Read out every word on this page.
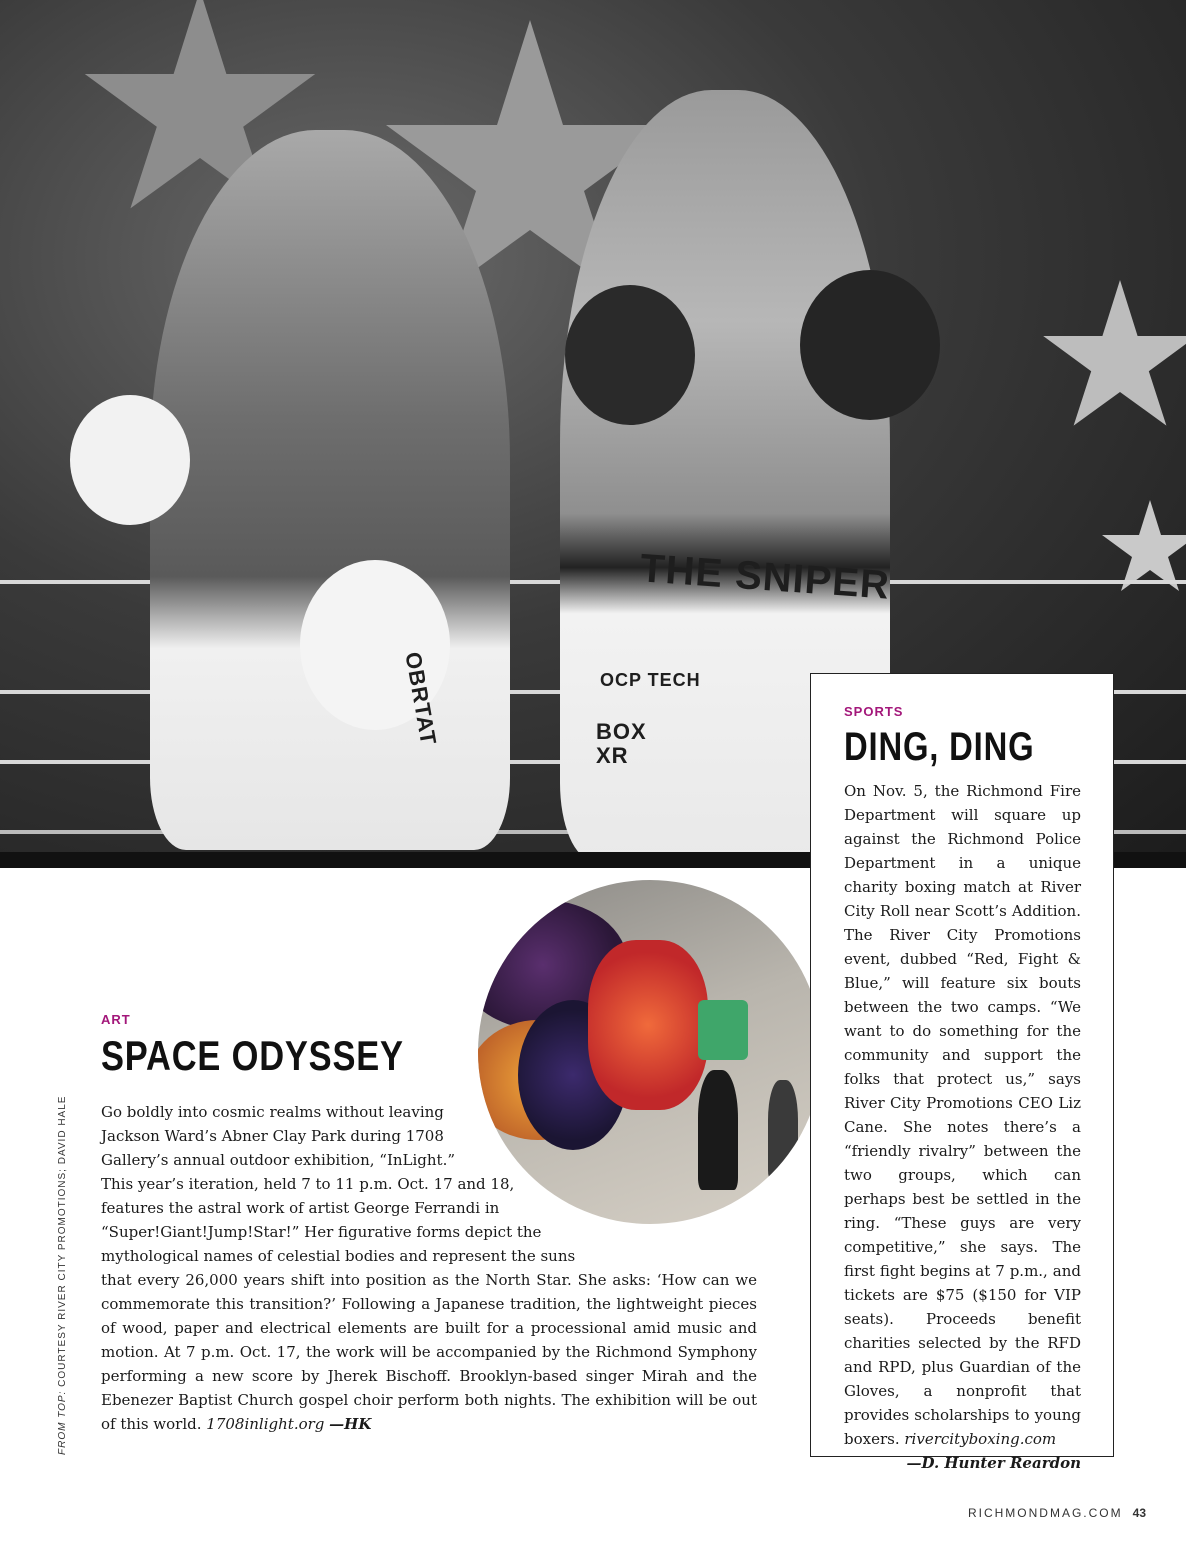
THE SNIPER
OBRTAT	OCP TECH
BOX XR
ART
SPACE ODYSSEY
Go boldly into cosmic realms without leaving
Jackson Ward’s Abner Clay Park during 1708
Gallery’s annual outdoor exhibition, “InLight.”
This year’s iteration, held 7 to 11 p.m. Oct. 17 and 18,
features the astral work of artist George Ferrandi in
“Super!Giant!Jump!Star!” Her figurative forms depict the
mythological names of celestial bodies and represent the suns
that every 26,000 years shift into position as the North Star. She asks: ‘How can we commemorate this transition?’ Following a Japanese tradition, the lightweight pieces of wood, paper and electrical elements are built for a processional amid music and motion. At 7 p.m. Oct. 17, the work will be accompanied by the Richmond Symphony performing a new score by Jherek Bischoff. Brooklyn-based singer Mirah and the Ebenezer Baptist Church gospel choir perform both nights. The exhibition will be out of this world. 1708inlight.org —HK
SPORTS
DING, DING
On Nov. 5, the Richmond Fire Department will square up against the Richmond Police Department in a unique charity boxing match at River City Roll near Scott’s Addition. The River City Promotions event, dubbed “Red, Fight & Blue,” will feature six bouts between the two camps. “We want to do something for the community and support the folks that protect us,” says River City Promotions CEO Liz Cane. She notes there’s a “friendly rivalry” between the two groups, which can perhaps best be settled in the ring. “These guys are very competitive,” she says. The first fight begins at 7 p.m., and tickets are $75 ($150 for VIP seats). Proceeds benefit charities selected by the RFD and RPD, plus Guardian of the Gloves, a nonprofit that provides scholarships to young boxers. rivercityboxing.com
—D. Hunter Reardon
FROM TOP: COURTESY RIVER CITY PROMOTIONS; DAVID HALE
RICHMONDMAG.COM 43
